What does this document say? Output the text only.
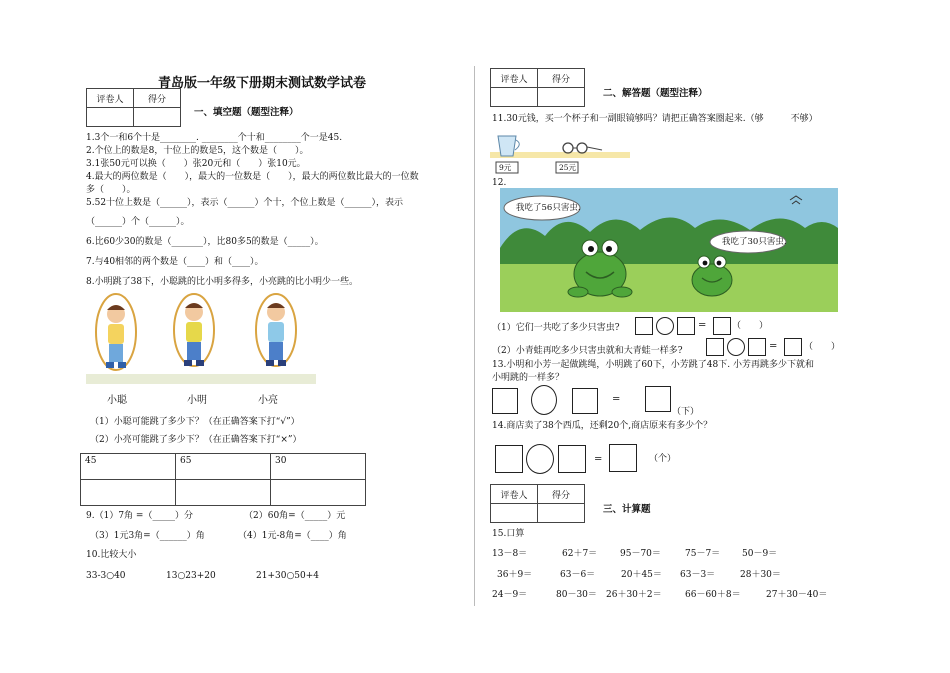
青岛版一年级下册期末测试数学试卷
评卷人	得分

一、填空题（题型注释）
1.3个一和6个十是________. ________个十和________个一是45.
2.个位上的数是8，十位上的数是5，这个数是（　　）。
3.1张50元可以换（　　）张20元和（　　）张10元。
4.最大的两位数是（　　），最大的一位数是（　　），最大的两位数比最大的一位数
多（　　）。
5.52十位上数是（______），表示（______）个十，个位上数是（______），表示
（______）个（______）。
6.比60少30的数是（_______），比80多5的数是（_____）。
7.与40相邻的两个数是（____）和（____）。
8.小明跳了38下，小聪跳的比小明多得多，小亮跳的比小明少一些。
小聪	小明	小亮
（1）小聪可能跳了多少下？（在正确答案下打“√”）
（2）小亮可能跳了多少下？（在正确答案下打“×”）
45	65	30

9.（1）7角 =（_____）分	（2）60角=（_____）元
（3）1元3角=（______）角	（4）1元-8角=（____）角
10.比较大小
33-3○40	13○23+20	21+30○50+4
评卷人	得分

二、解答题（题型注释）
11.30元钱，买一个杯子和一副眼镜够吗？请把正确答案圈起来.（够　　　不够）
9元	25元
12.
我吃了56只害虫.
我吃了30只害虫.
（1）它们一共吃了多少只害虫?	=	（　　）
（2）小青蛙再吃多少只害虫就和大青蛙一样多?	=	（　　）
13.小明和小芳一起做跳绳，小明跳了60下，小芳跳了48下. 小芳再跳多少下就和
小明跳的一样多？
=
（下）
14.商店卖了38个西瓜，还剩20个,商店原来有多少个？
=	（个）
评卷人	得分

三、计算题
15.口算
13－8＝	62＋7＝	95－70＝	75－7＝ 50－9＝
36＋9＝	63－6＝	20＋45＝ 63－3＝	28＋30＝
24－9＝	80－30＝ 26＋30＋2＝	66－60＋8＝	27＋30－40＝
